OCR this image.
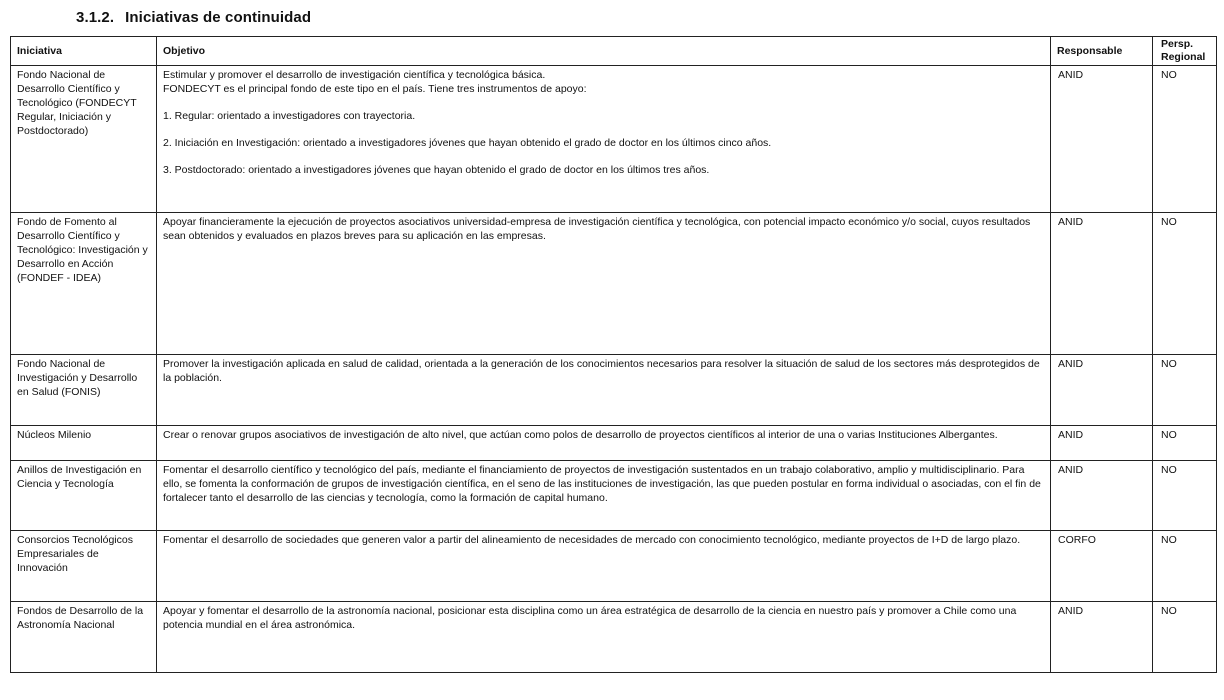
3.1.2. Iniciativas de continuidad
Iniciativa	Objetivo	Responsable	Persp. Regional
Fondo Nacional de Desarrollo Científico y Tecnológico (FONDECYT Regular, Iniciación y Postdoctorado)	Estimular y promover el desarrollo de investigación científica y tecnológica básica.
FONDECYT es el principal fondo de este tipo en el país. Tiene tres instrumentos de apoyo:
1. Regular: orientado a investigadores con trayectoria.
2. Iniciación en Investigación: orientado a investigadores jóvenes que hayan obtenido el grado de doctor en los últimos cinco años.
3. Postdoctorado: orientado a investigadores jóvenes que hayan obtenido el grado de doctor en los últimos tres años.	ANID	NO
Fondo de Fomento al Desarrollo Científico y Tecnológico: Investigación y Desarrollo en Acción (FONDEF - IDEA)	Apoyar financieramente la ejecución de proyectos asociativos universidad-empresa de investigación científica y tecnológica, con potencial impacto económico y/o social, cuyos resultados sean obtenidos y evaluados en plazos breves para su aplicación en las empresas.	ANID	NO
Fondo Nacional de Investigación y Desarrollo en Salud (FONIS)	Promover la investigación aplicada en salud de calidad, orientada a la generación de los conocimientos necesarios para resolver la situación de salud de los sectores más desprotegidos de la población.	ANID	NO
Núcleos Milenio	Crear o renovar grupos asociativos de investigación de alto nivel, que actúan como polos de desarrollo de proyectos científicos al interior de una o varias Instituciones Albergantes.	ANID	NO
Anillos de Investigación en Ciencia y Tecnología	Fomentar el desarrollo científico y tecnológico del país, mediante el financiamiento de proyectos de investigación sustentados en un trabajo colaborativo, amplio y multidisciplinario. Para ello, se fomenta la conformación de grupos de investigación científica, en el seno de las instituciones de investigación, las que pueden postular en forma individual o asociadas, con el fin de fortalecer tanto el desarrollo de las ciencias y tecnología, como la formación de capital humano.	ANID	NO
Consorcios Tecnológicos Empresariales de Innovación	Fomentar el desarrollo de sociedades que generen valor a partir del alineamiento de necesidades de mercado con conocimiento tecnológico, mediante proyectos de I+D de largo plazo.	CORFO	NO
Fondos de Desarrollo de la Astronomía Nacional	Apoyar y fomentar el desarrollo de la astronomía nacional, posicionar esta disciplina como un área estratégica de desarrollo de la ciencia en nuestro país y promover a Chile como una potencia mundial en el área astronómica.	ANID	NO
